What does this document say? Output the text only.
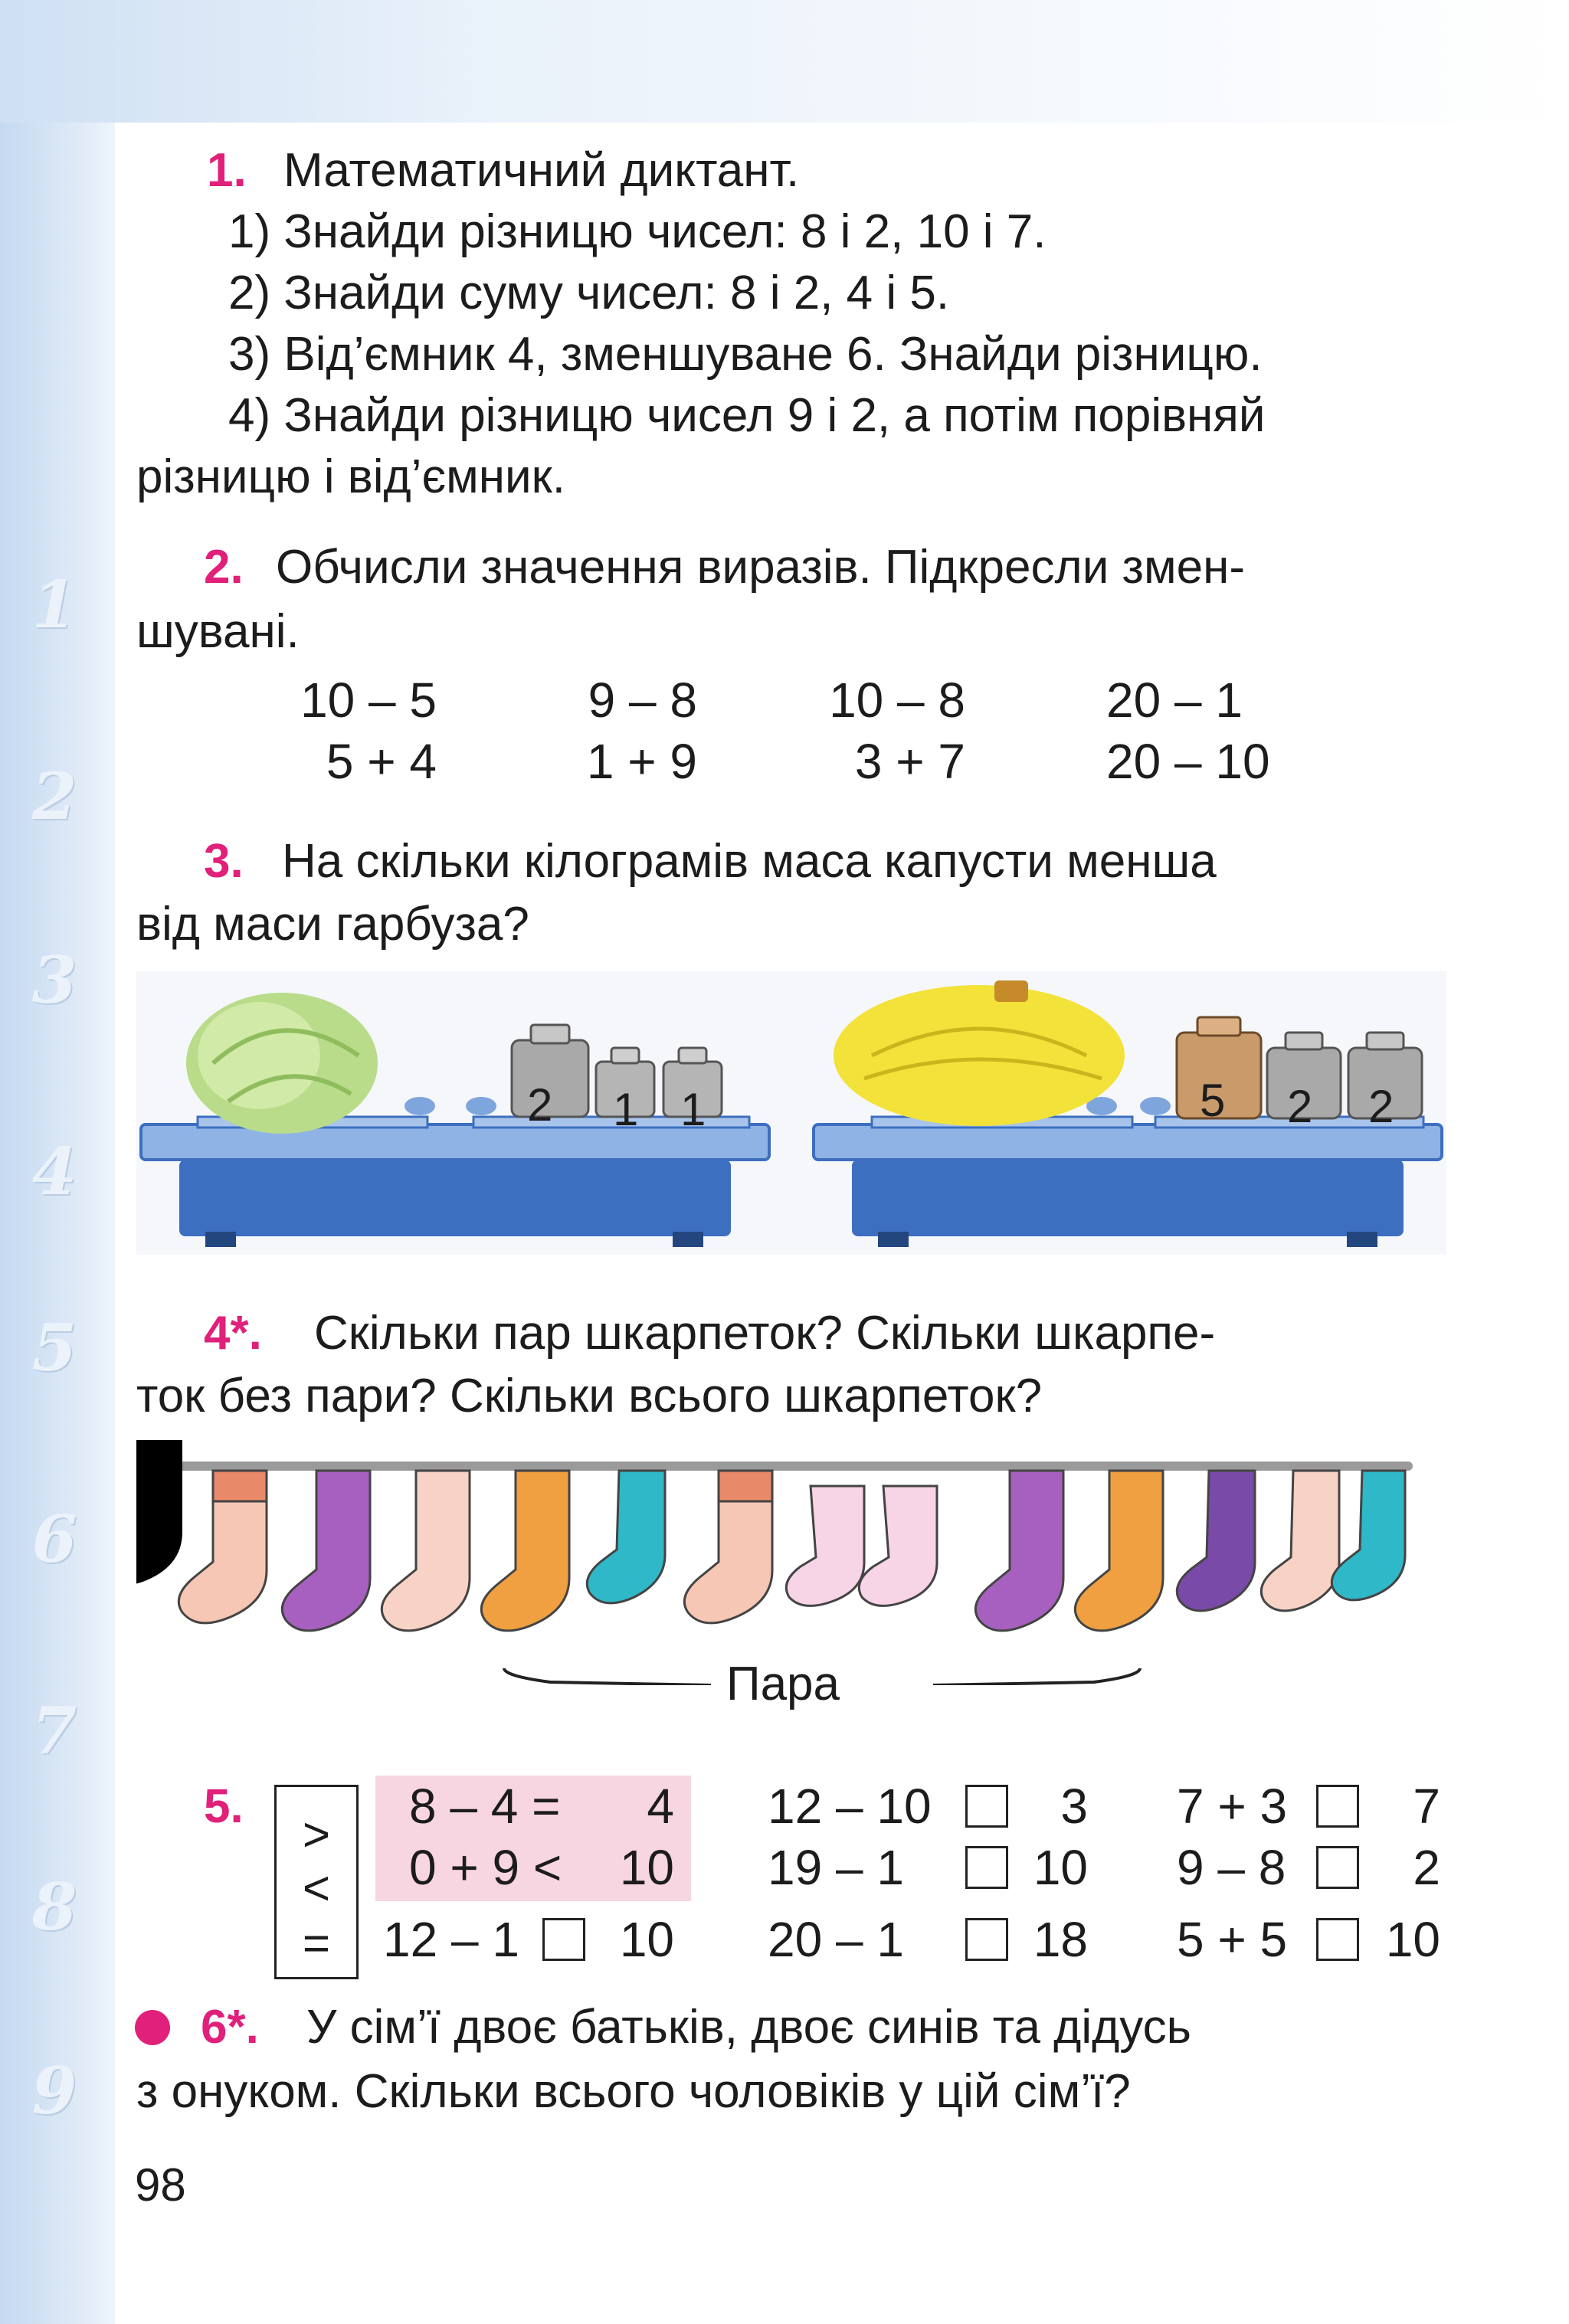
1
2
3
4
5
6
7
8
9
1. Математичний диктант.
1) Знайди різницю чисел: 8 і 2, 10 і 7.
2) Знайди суму чисел: 8 і 2, 4 і 5.
3) Від’ємник 4, зменшуване 6. Знайди різницю.
4) Знайди різницю чисел 9 і 2, а потім порівняй
різницю і від’ємник.
2. Обчисли значення виразів. Підкресли змен-
шувані.
10 – 5	9 – 8	10 – 8	20 – 1
5 + 4	1 + 9	3 + 7	20 – 10
3. На скільки кілограмів маса капусти менша
від маси гарбуза?
2 1 1	5 2 2
4*. Скільки пар шкарпеток? Скільки шкарпе-
ток без пари? Скільки всього шкарпеток?
Пара
5.
>
<
=
8 – 4 =	4
0 + 9 <	10
12 – 1	10
12 – 10	3
19 – 1	10
20 – 1	18
7 + 3	7
9 – 8	2
5 + 5	10
6*. У сім’ї двоє батьків, двоє синів та дідусь
з онуком. Скільки всього чоловіків у цій сім’ї?
98
